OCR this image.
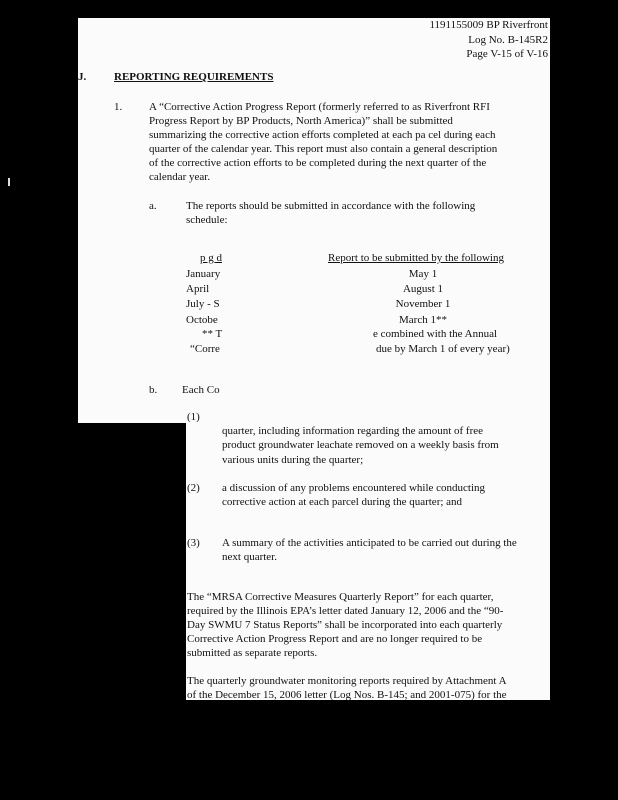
1191155009 BP Riverfront
Log No. B-145R2
Page V-15 of V-16
J.	REPORTING REQUIREMENTS
1. A “Corrective Action Progress Report (formerly referred to as Riverfront RFI
Progress Report by BP Products, North America)” shall be submitted
summarizing the corrective action efforts completed at each pa cel during each
quarter of the calendar year. This report must also contain a general description
of the corrective action efforts to be completed during the next quarter of the
calendar year.
a.	The reports should be submitted in accordance with the following
schedule:
p g d	Report to be submitted by the following
January	May 1
April	August 1
July - S	November 1
Octobe	March 1**
** T	e combined with the Annual
“Corre	due by March 1 of every year)
b. Each Co
(1)
quarter, including information regarding the amount of free
product groundwater leachate removed on a weekly basis from
various units during the quarter;
(2) a discussion of any problems encountered while conducting
corrective action at each parcel during the quarter; and
(3) A summary of the activities anticipated to be carried out during the
next quarter.
The “MRSA Corrective Measures Quarterly Report” for each quarter,
required by the Illinois EPA’s letter dated January 12, 2006 and the “90-
Day SWMU 7 Status Reports” shall be incorporated into each quarterly
Corrective Action Progress Report and are no longer required to be
submitted as separate reports.
The quarterly groundwater monitoring reports required by Attachment A
of the December 15, 2006 letter (Log Nos. B-145; and 2001-075) for the
